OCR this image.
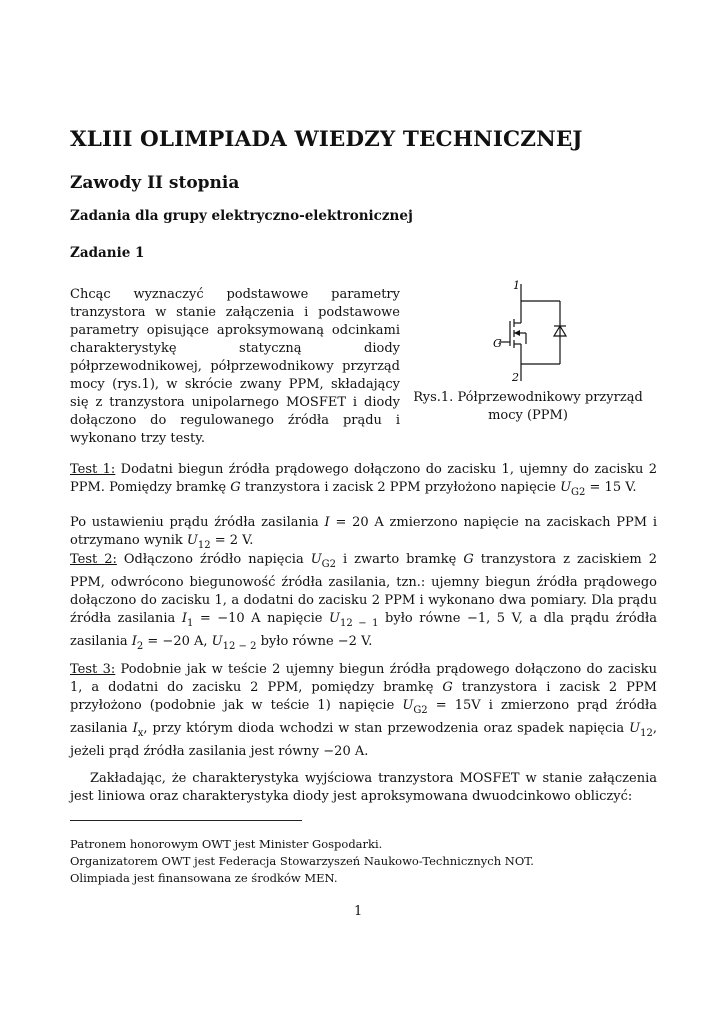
XLIII OLIMPIADA WIEDZY TECHNICZNEJ
Zawody II stopnia
Zadania dla grupy elektryczno-elektronicznej
Zadanie 1
Chcąc wyznaczyć podstawowe parametry tranzystora w stanie załączenia i podstawowe parametry opisujące aproksymowaną odcinkami charakterystykę statyczną diody półprzewodnikowej, półprzewodnikowy przyrząd mocy (rys.1), w skrócie zwany PPM, składający się z tranzystora unipolarnego MOSFET i diody dołączono do regulowanego źródła prądu i wykonano trzy testy.
1
2
G
Rys.1. Półprzewodnikowy przyrząd
mocy (PPM)
Test 1: Dodatni biegun źródła prądowego dołączono do zacisku 1, ujemny do zacisku 2 PPM. Pomiędzy bramkę G tranzystora i zacisk 2 PPM przyłożono napięcie $U_{G2} = 15$ V.
Po ustawieniu prądu źródła zasilania I = 20 A zmierzono napięcie na zaciskach PPM i otrzymano wynik $U_{12} = 2$ V.
Test 2: Odłączono źródło napięcia $U_{G2}$ i zwarto bramkę G tranzystora z zaciskiem 2 PPM, odwrócono biegunowość źródła zasilania, tzn.: ujemny biegun źródła prądowego dołączono do zacisku 1, a dodatni do zacisku 2 PPM i wykonano dwa pomiary. Dla prądu źródła zasilania $I_1 = -10$ A napięcie $U_{12 - 1}$ było równe −1, 5 V, a dla prądu źródła zasilania $I_2 = -20$ A, $U_{12 - 2}$ było równe −2 V.
Test 3: Podobnie jak w teście 2 ujemny biegun źródła prądowego dołączono do zacisku 1, a dodatni do zacisku 2 PPM, pomiędzy bramkę G tranzystora i zacisk 2 PPM przyłożono (podobnie jak w teście 1) napięcie $U_{G2} = 15V$ i zmierzono prąd źródła zasilania $I_x$, przy którym dioda wchodzi w stan przewodzenia oraz spadek napięcia $U_{12}$, jeżeli prąd źródła zasilania jest równy −20 A.
Zakładając, że charakterystyka wyjściowa tranzystora MOSFET w stanie załączenia jest liniowa oraz charakterystyka diody jest aproksymowana dwuodcinkowo obliczyć:
Patronem honorowym OWT jest Minister Gospodarki.
Organizatorem OWT jest Federacja Stowarzyszeń Naukowo-Technicznych NOT.
Olimpiada jest finansowana ze środków MEN.
1
